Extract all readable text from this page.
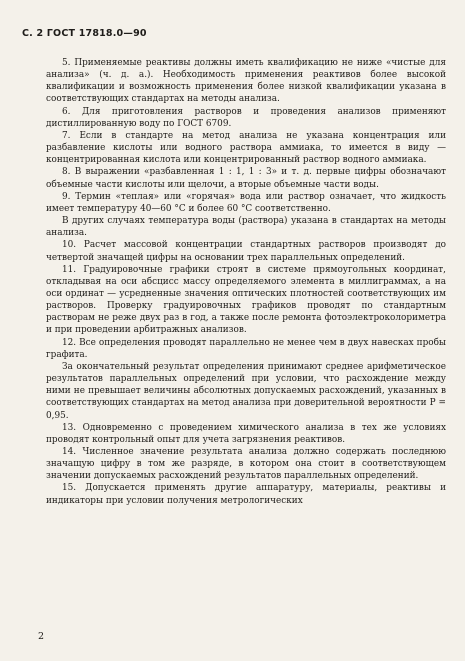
С. 2 ГОСТ 17818.0—90

5. Применяемые реактивы должны иметь квалификацию не ниже «чистые для анализа» (ч. д. а.). Необходимость применения реактивов более высокой квалификации и возможность применения более низкой квалификации указана в соответствующих стандартах на методы анализа.

6. Для приготовления растворов и проведения анализов применяют дистиллированную воду по ГОСТ 6709.

7. Если в стандарте на метод анализа не указана концентрация или разбавление кислоты или водного раствора аммиака, то имеется в виду — концентрированная кислота или концентрированный раствор водного аммиака.

8. В выражении «разбавленная 1 : 1, 1 : 3» и т. д. первые цифры обозначают объемные части кислоты или щелочи, а вторые объемные части воды.

9. Термин «теплая» или «горячая» вода или раствор означает, что жидкость имеет температуру 40—60 °С и более 60 °С соответственно.

В других случаях температура воды (раствора) указана в стандартах на методы анализа.

10. Расчет массовой концентрации стандартных растворов производят до четвертой значащей цифры на основании трех параллельных определений.

11. Градуировочные графики строят в системе прямоугольных координат, откладывая на оси абсцисс массу определяемого элемента в миллиграммах, а на оси ординат — усредненные значения оптических плотностей соответствующих им растворов. Проверку градуировочных графиков проводят по стандартным растворам не реже двух раз в год, а также после ремонта фотоэлектроколориметра и при проведении арбитражных анализов.

12. Все определения проводят параллельно не менее чем в двух навесках пробы графита.

За окончательный результат определения принимают среднее арифметическое результатов параллельных определений при условии, что расхождение между ними не превышает величины абсолютных допускаемых расхождений, указанных в соответствующих стандартах на метод анализа при доверительной вероятности P = 0,95.

13. Одновременно с проведением химического анализа в тех же условиях проводят контрольный опыт для учета загрязнения реактивов.

14. Численное значение результата анализа должно содержать последнюю значащую цифру в том же разряде, в котором она стоит в соответствующем значении допускаемых расхождений результатов параллельных определений.

15. Допускается применять другие аппаратуру, материалы, реактивы и индикаторы при условии получения метрологических

2
